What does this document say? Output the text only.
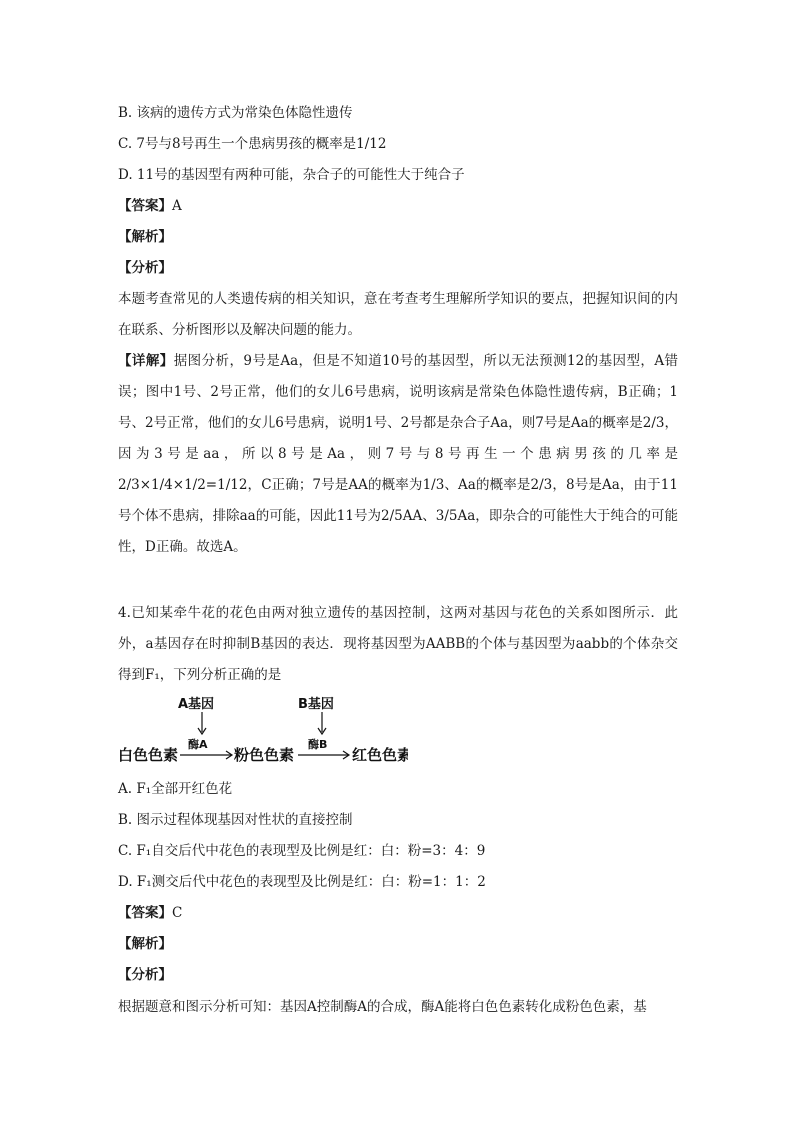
B. 该病的遗传方式为常染色体隐性遗传
C. 7号与8号再生一个患病男孩的概率是1/12
D. 11号的基因型有两种可能，杂合子的可能性大于纯合子
【答案】A
【解析】
【分析】
本题考查常见的人类遗传病的相关知识，意在考查考生理解所学知识的要点，把握知识间的内在联系、分析图形以及解决问题的能力。
【详解】据图分析，9号是Aa，但是不知道10号的基因型，所以无法预测12的基因型，A错误；图中1号、2号正常，他们的女儿6号患病，说明该病是常染色体隐性遗传病，B正确；1号、2号正常，他们的女儿6号患病，说明1号、2号都是杂合子Aa，则7号是Aa的概率是2/3，因为3号是aa，所以8号是Aa，则7号与8号再生一个患病男孩的几率是2/3×1/4×1/2=1/12，C正确；7号是AA的概率为1/3、Aa的概率是2/3，8号是Aa，由于11号个体不患病，排除aa的可能，因此11号为2/5AA、3/5Aa，即杂合的可能性大于纯合的可能性，D正确。故选A。
4.已知某牵牛花的花色由两对独立遗传的基因控制，这两对基因与花色的关系如图所示．此外，a基因存在时抑制B基因的表达．现将基因型为AABB的个体与基因型为aabb的个体杂交得到F₁，下列分析正确的是
A基因	B基因
白色色素
酶A
粉色色素
酶B
红色色素
A. F₁全部开红色花
B. 图示过程体现基因对性状的直接控制
C. F₁自交后代中花色的表现型及比例是红：白：粉=3：4：9
D. F₁测交后代中花色的表现型及比例是红：白：粉=1：1：2
【答案】C
【解析】
【分析】
根据题意和图示分析可知：基因A控制酶A的合成，酶A能将白色色素转化成粉色色素，基
